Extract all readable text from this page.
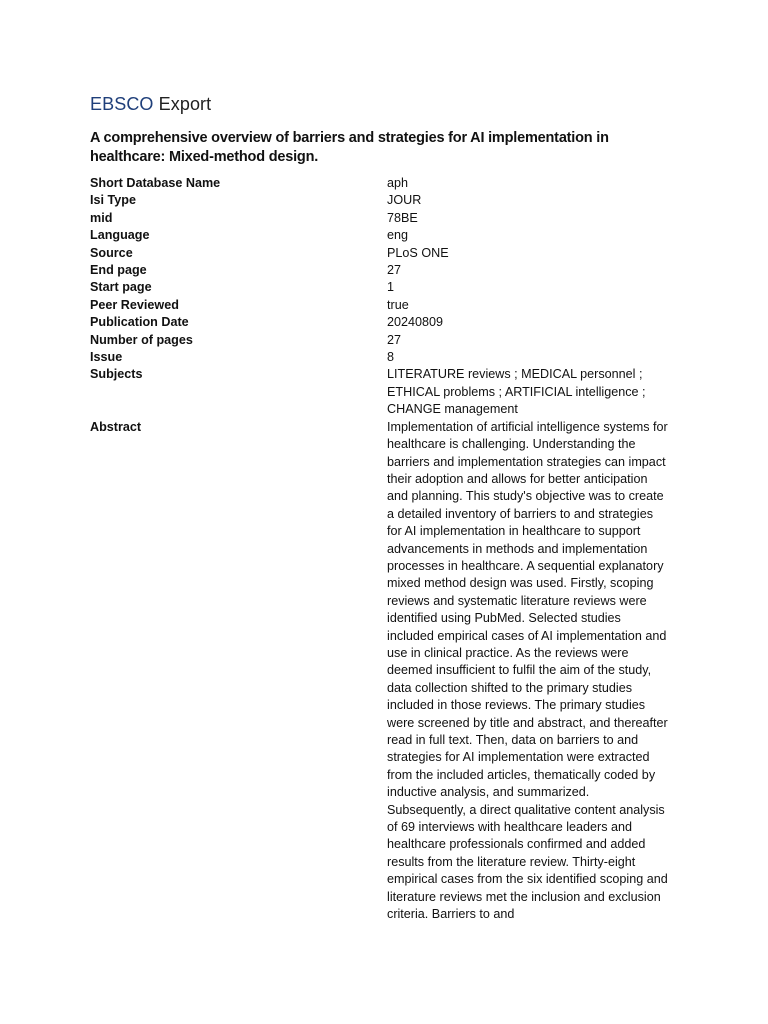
EBSCO Export
A comprehensive overview of barriers and strategies for AI implementation in healthcare: Mixed-method design.
Short Database Name	aph
Isi Type	JOUR
mid	78BE
Language	eng
Source	PLoS ONE
End page	27
Start page	1
Peer Reviewed	true
Publication Date	20240809
Number of pages	27
Issue	8
Subjects	LITERATURE reviews ; MEDICAL personnel ; ETHICAL problems ; ARTIFICIAL intelligence ; CHANGE management
Abstract	Implementation of artificial intelligence systems for healthcare is challenging. Understanding the barriers and implementation strategies can impact their adoption and allows for better anticipation and planning. This study's objective was to create a detailed inventory of barriers to and strategies for AI implementation in healthcare to support advancements in methods and implementation processes in healthcare. A sequential explanatory mixed method design was used. Firstly, scoping reviews and systematic literature reviews were identified using PubMed. Selected studies included empirical cases of AI implementation and use in clinical practice. As the reviews were deemed insufficient to fulfil the aim of the study, data collection shifted to the primary studies included in those reviews. The primary studies were screened by title and abstract, and thereafter read in full text. Then, data on barriers to and strategies for AI implementation were extracted from the included articles, thematically coded by inductive analysis, and summarized. Subsequently, a direct qualitative content analysis of 69 interviews with healthcare leaders and healthcare professionals confirmed and added results from the literature review. Thirty-eight empirical cases from the six identified scoping and literature reviews met the inclusion and exclusion criteria. Barriers to and
